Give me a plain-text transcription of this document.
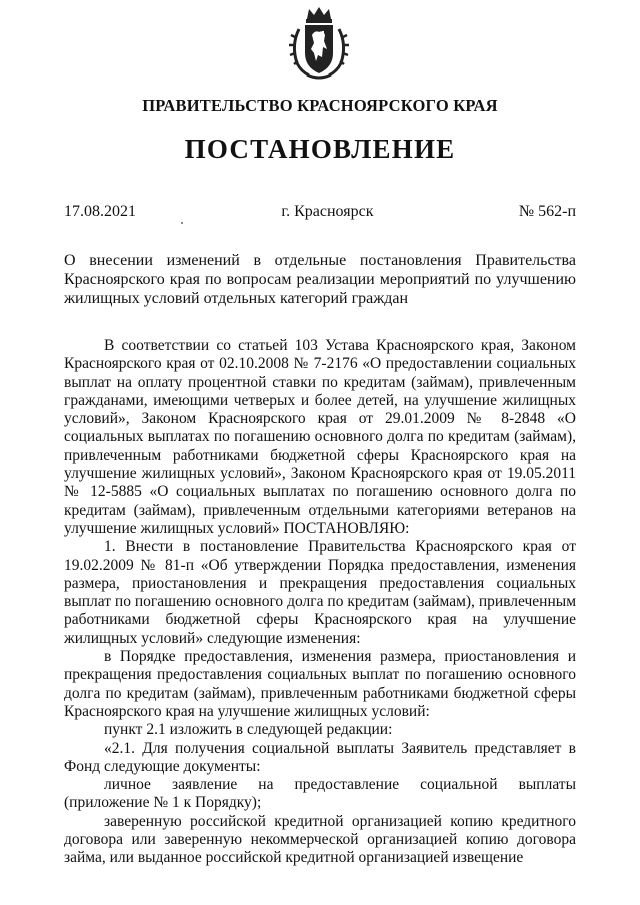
ПРАВИТЕЛЬСТВО КРАСНОЯРСКОГО КРАЯ
ПОСТАНОВЛЕНИЕ
17.08.2021	г. Красноярск	№ 562-п
О внесении изменений в отдельные постановления Правительства Красноярского края по вопросам реализации мероприятий по улучшению жилищных условий отдельных категорий граждан

В соответствии со статьей 103 Устава Красноярского края, Законом Красноярского края от 02.10.2008 № 7-2176 «О предоставлении социальных выплат на оплату процентной ставки по кредитам (займам), привлеченным гражданами, имеющими четверых и более детей, на улучшение жилищных условий», Законом Красноярского края от 29.01.2009 № 8-2848 «О социальных выплатах по погашению основного долга по кредитам (займам), привлеченным работниками бюджетной сферы Красноярского края на улучшение жилищных условий», Законом Красноярского края от 19.05.2011 № 12-5885 «О социальных выплатах по погашению основного долга по кредитам (займам), привлеченным отдельными категориями ветеранов на улучшение жилищных условий» ПОСТАНОВЛЯЮ:

1. Внести в постановление Правительства Красноярского края от 19.02.2009 № 81-п «Об утверждении Порядка предоставления, изменения размера, приостановления и прекращения предоставления социальных выплат по погашению основного долга по кредитам (займам), привлеченным работниками бюджетной сферы Красноярского края на улучшение жилищных условий» следующие изменения:

в Порядке предоставления, изменения размера, приостановления и прекращения предоставления социальных выплат по погашению основного долга по кредитам (займам), привлеченным работниками бюджетной сферы Красноярского края на улучшение жилищных условий:

пункт 2.1 изложить в следующей редакции:

«2.1. Для получения социальной выплаты Заявитель представляет в Фонд следующие документы:

личное заявление на предоставление социальной выплаты (приложение № 1 к Порядку);

заверенную российской кредитной организацией копию кредитного договора или заверенную некоммерческой организацией копию договора займа, или выданное российской кредитной организацией извещение
